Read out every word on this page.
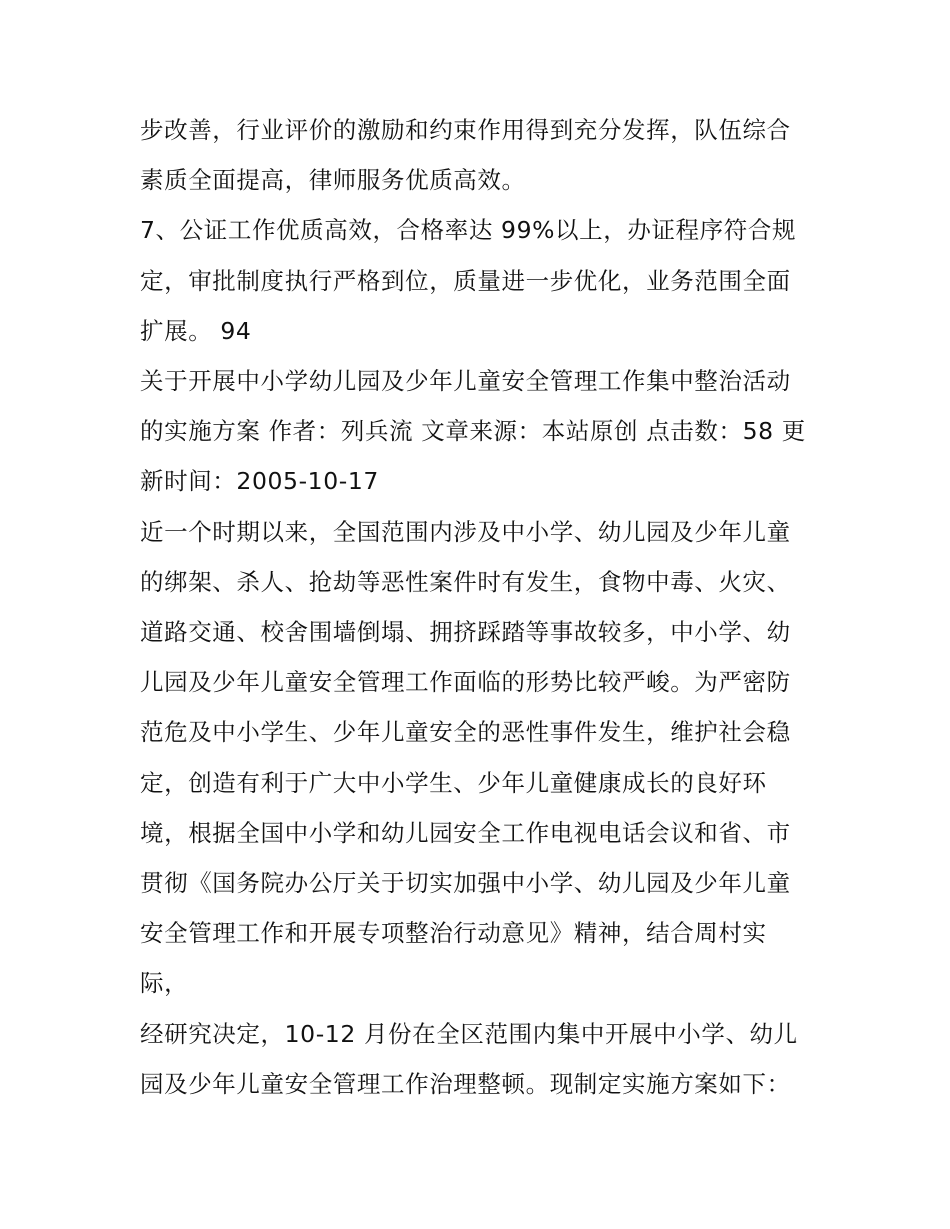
步改善，行业评价的激励和约束作用得到充分发挥，队伍综合
素质全面提高，律师服务优质高效。
7、公证工作优质高效，合格率达 99%以上，办证程序符合规
定，审批制度执行严格到位，质量进一步优化，业务范围全面
扩展。 94
关于开展中小学幼儿园及少年儿童安全管理工作集中整治活动
的实施方案 作者：列兵流 文章来源：本站原创 点击数：58 更
新时间：2005-10-17
近一个时期以来，全国范围内涉及中小学、幼儿园及少年儿童
的绑架、杀人、抢劫等恶性案件时有发生，食物中毒、火灾、
道路交通、校舍围墙倒塌、拥挤踩踏等事故较多，中小学、幼
儿园及少年儿童安全管理工作面临的形势比较严峻。为严密防
范危及中小学生、少年儿童安全的恶性事件发生，维护社会稳
定，创造有利于广大中小学生、少年儿童健康成长的良好环
境，根据全国中小学和幼儿园安全工作电视电话会议和省、市
贯彻《国务院办公厅关于切实加强中小学、幼儿园及少年儿童
安全管理工作和开展专项整治行动意见》精神，结合周村实
际，
经研究决定，10-12 月份在全区范围内集中开展中小学、幼儿
园及少年儿童安全管理工作治理整顿。现制定实施方案如下：
